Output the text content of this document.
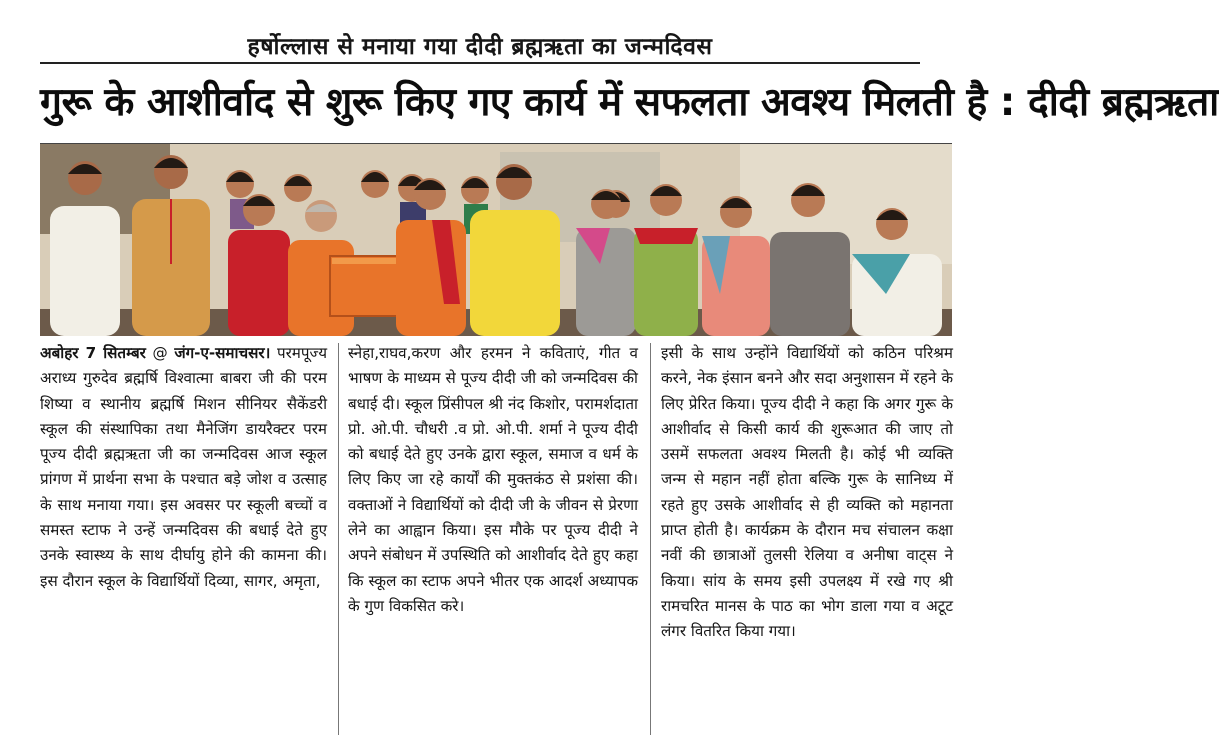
हर्षोल्लास से मनाया गया दीदी ब्रह्मऋता का जन्मदिवस
गुरू के आशीर्वाद से शुरू किए गए कार्य में सफलता अवश्य मिलती है : दीदी ब्रह्मऋता
अबोहर 7 सितम्बर @ जंग-ए-समाचसर। परमपूज्य अराध्य गुरुदेव ब्रह्मर्षि विश्वात्मा बाबरा जी की परम शिष्या व स्थानीय ब्रह्मर्षि मिशन सीनियर सैकेंडरी स्कूल की संस्थापिका तथा मैनेजिंग डायरैक्टर परम पूज्य दीदी ब्रह्मऋता जी का जन्मदिवस आज स्कूल प्रांगण में प्रार्थना सभा के पश्चात बड़े जोश व उत्साह के साथ मनाया गया। इस अवसर पर स्कूली बच्चों व समस्त स्टाफ ने उन्हें जन्मदिवस की बधाई देते हुए उनके स्वास्थ्य के साथ दीर्घायु होने की कामना की। इस दौरान स्कूल के विद्यार्थियों दिव्या, सागर, अमृता,
स्नेहा,राघव,करण और हरमन ने कविताएं, गीत व भाषण के माध्यम से पूज्य दीदी जी को जन्मदिवस की बधाई दी। स्कूल प्रिंसीपल श्री नंद किशोर, परामर्शदाता प्रो. ओ.पी. चौधरी .व प्रो. ओ.पी. शर्मा ने पूज्य दीदी को बधाई देते हुए उनके द्वारा स्कूल, समाज व धर्म के लिए किए जा रहे कार्यों की मुक्तकंठ से प्रशंसा की। वक्ताओं ने विद्यार्थियों को दीदी जी के जीवन से प्रेरणा लेने का आह्वान किया। इस मौके पर पूज्य दीदी ने अपने संबोधन में उपस्थिति को आशीर्वाद देते हुए कहा कि स्कूल का स्टाफ अपने भीतर एक आदर्श अध्यापक के गुण विकसित करे।
इसी के साथ उन्होंने विद्यार्थियों को कठिन परिश्रम करने, नेक इंसान बनने और सदा अनुशासन में रहने के लिए प्रेरित किया। पूज्य दीदी ने कहा कि अगर गुरू के आशीर्वाद से किसी कार्य की शुरूआत की जाए तो उसमें सफलता अवश्य मिलती है। कोई भी व्यक्ति जन्म से महान नहीं होता बल्कि गुरू के सानिध्य में रहते हुए उसके आशीर्वाद से ही व्यक्ति को महानता प्राप्त होती है। कार्यक्रम के दौरान मच संचालन कक्षा नवीं की छात्राओं तुलसी रेलिया व अनीषा वाट्स ने किया। सांय के समय इसी उपलक्ष्य में रखे गए श्री रामचरित मानस के पाठ का भोग डाला गया व अटूट लंगर वितरित किया गया।
